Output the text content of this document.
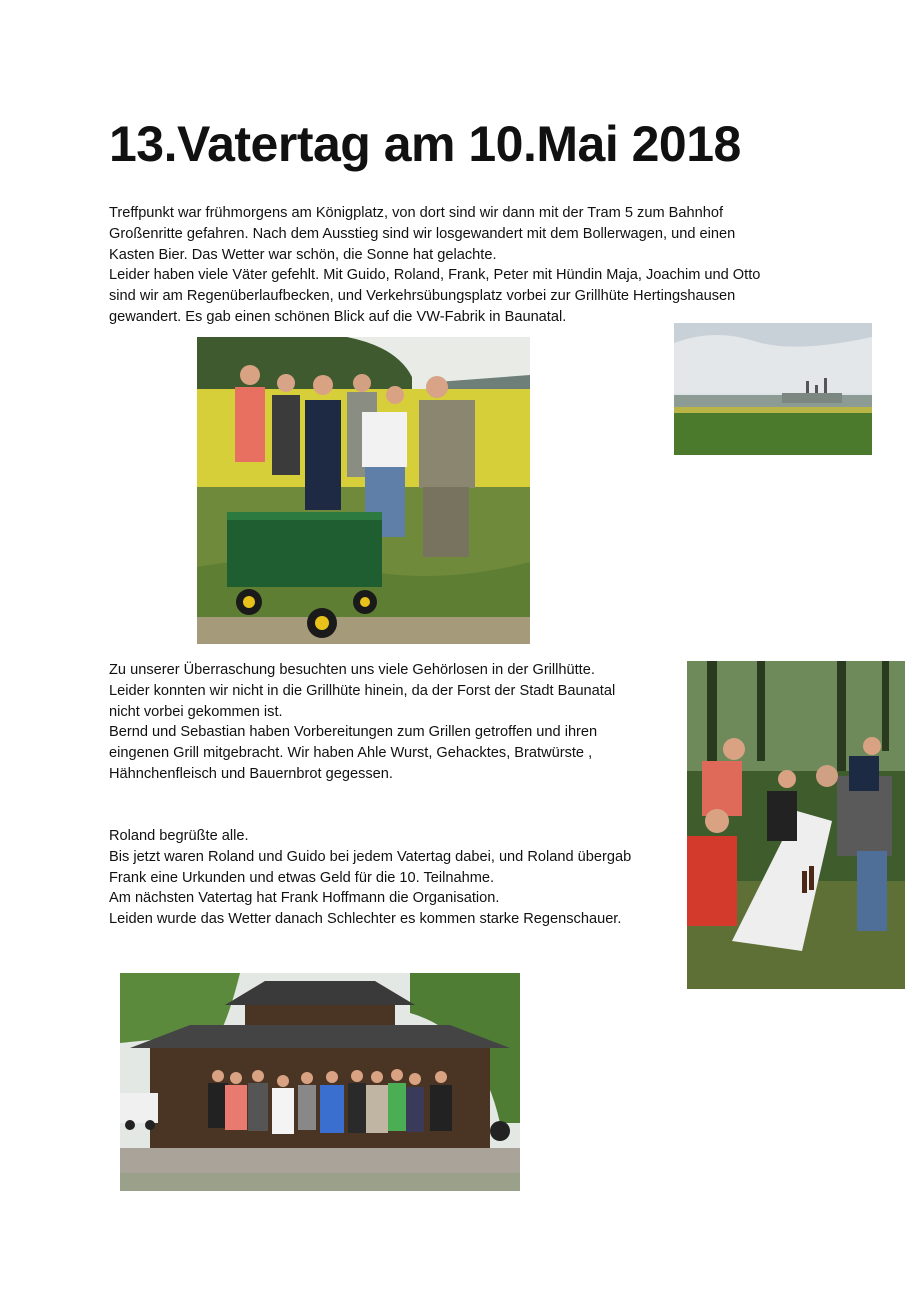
13.Vatertag am 10.Mai 2018
Treffpunkt war frühmorgens am Königplatz, von dort sind wir dann mit der Tram 5 zum Bahnhof
Großenritte gefahren. Nach dem Ausstieg sind wir losgewandert mit dem Bollerwagen, und einen
Kasten Bier. Das Wetter war schön, die Sonne hat gelachte.
Leider haben viele Väter gefehlt. Mit Guido, Roland, Frank, Peter mit Hündin Maja, Joachim und Otto
sind wir am Regenüberlaufbecken, und Verkehrsübungsplatz vorbei zur Grillhüte Hertingshausen
gewandert. Es gab einen schönen Blick auf die VW-Fabrik in Baunatal.
Zu unserer Überraschung besuchten uns viele Gehörlosen in der Grillhütte.
Leider konnten wir nicht in die Grillhüte hinein, da der Forst der Stadt Baunatal
nicht vorbei gekommen ist.
Bernd und Sebastian haben Vorbereitungen zum Grillen getroffen und ihren
eingenen Grill mitgebracht. Wir haben Ahle Wurst, Gehacktes, Bratwürste ,
Hähnchenfleisch und Bauernbrot gegessen.
Roland begrüßte alle.
Bis jetzt waren Roland und Guido bei jedem Vatertag dabei, und Roland übergab
Frank eine Urkunden und etwas Geld für die 10. Teilnahme.
Am nächsten Vatertag hat Frank Hoffmann die Organisation.
Leiden wurde das Wetter danach Schlechter es kommen starke Regenschauer.
